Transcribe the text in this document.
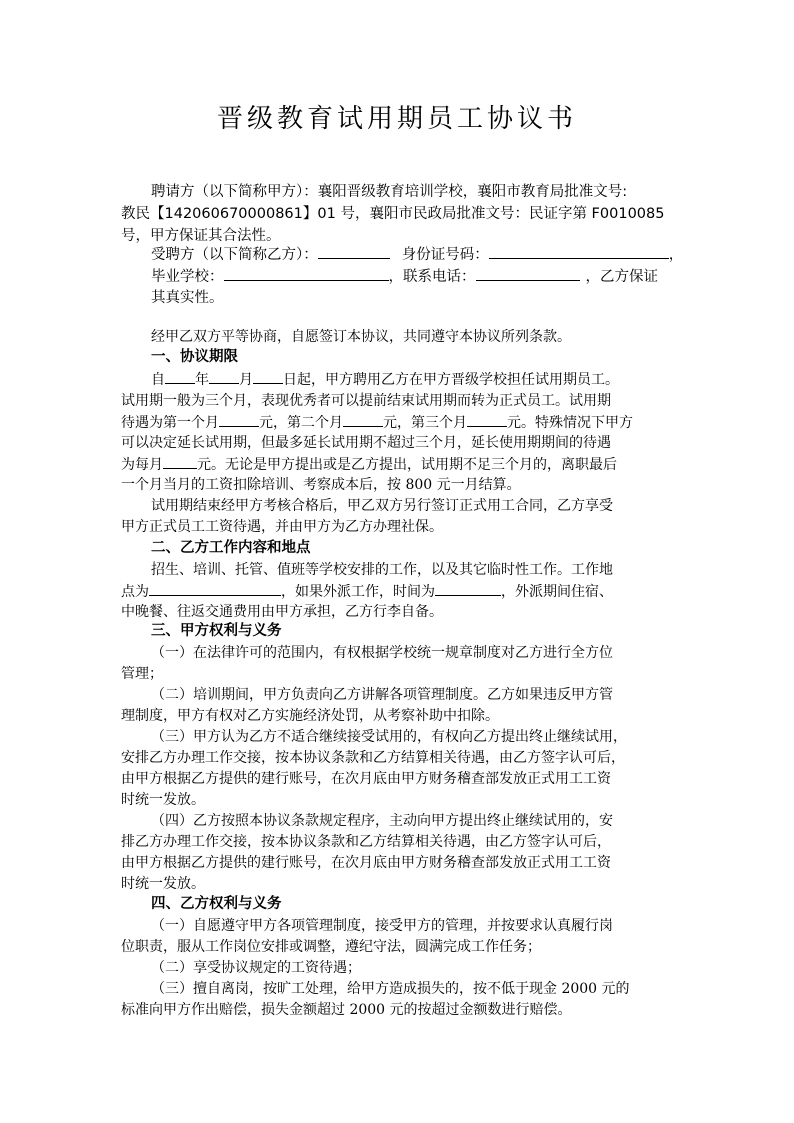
晋级教育试用期员工协议书
聘请方（以下简称甲方）：襄阳晋级教育培训学校，襄阳市教育局批准文号:
教民【142060670000861】01 号，襄阳市民政局批准文号：民证字第 F0010085
号，甲方保证其合法性。
受聘方（以下简称乙方）：	身份证号码：	，
毕业学校：	，联系电话：	，乙方保证
其真实性。
经甲乙双方平等协商，自愿签订本协议，共同遵守本协议所列条款。
一、协议期限
自 年 月 日起，甲方聘用乙方在甲方晋级学校担任试用期员工。
试用期一般为三个月，表现优秀者可以提前结束试用期而转为正式员工。试用期
待遇为第一个月	元，第二个月	元，第三个月	元。特殊情况下甲方
可以决定延长试用期，但最多延长试用期不超过三个月，延长使用期期间的待遇
为每月 元。无论是甲方提出或是乙方提出，试用期不足三个月的，离职最后
一个月当月的工资扣除培训、考察成本后，按 800 元一月结算。
试用期结束经甲方考核合格后，甲乙双方另行签订正式用工合同，乙方享受
甲方正式员工工资待遇，并由甲方为乙方办理社保。
二、乙方工作内容和地点
招生、培训、托管、值班等学校安排的工作，以及其它临时性工作。工作地
点为	，如果外派工作，时间为	，外派期间住宿、
中晚餐、往返交通费用由甲方承担，乙方行李自备。
三、甲方权利与义务
（一）在法律许可的范围内，有权根据学校统一规章制度对乙方进行全方位
管理；
（二）培训期间，甲方负责向乙方讲解各项管理制度。乙方如果违反甲方管
理制度，甲方有权对乙方实施经济处罚，从考察补助中扣除。
（三）甲方认为乙方不适合继续接受试用的，有权向乙方提出终止继续试用，
安排乙方办理工作交接，按本协议条款和乙方结算相关待遇，由乙方签字认可后，
由甲方根据乙方提供的建行账号，在次月底由甲方财务稽查部发放正式用工工资
时统一发放。
（四）乙方按照本协议条款规定程序，主动向甲方提出终止继续试用的，安
排乙方办理工作交接，按本协议条款和乙方结算相关待遇，由乙方签字认可后，
由甲方根据乙方提供的建行账号，在次月底由甲方财务稽查部发放正式用工工资
时统一发放。
四、乙方权利与义务
（一）自愿遵守甲方各项管理制度，接受甲方的管理，并按要求认真履行岗
位职责，服从工作岗位安排或调整，遵纪守法，圆满完成工作任务；
（二）享受协议规定的工资待遇；
（三）擅自离岗，按旷工处理，给甲方造成损失的，按不低于现金 2000 元的
标准向甲方作出赔偿，损失金额超过 2000 元的按超过金额数进行赔偿。
